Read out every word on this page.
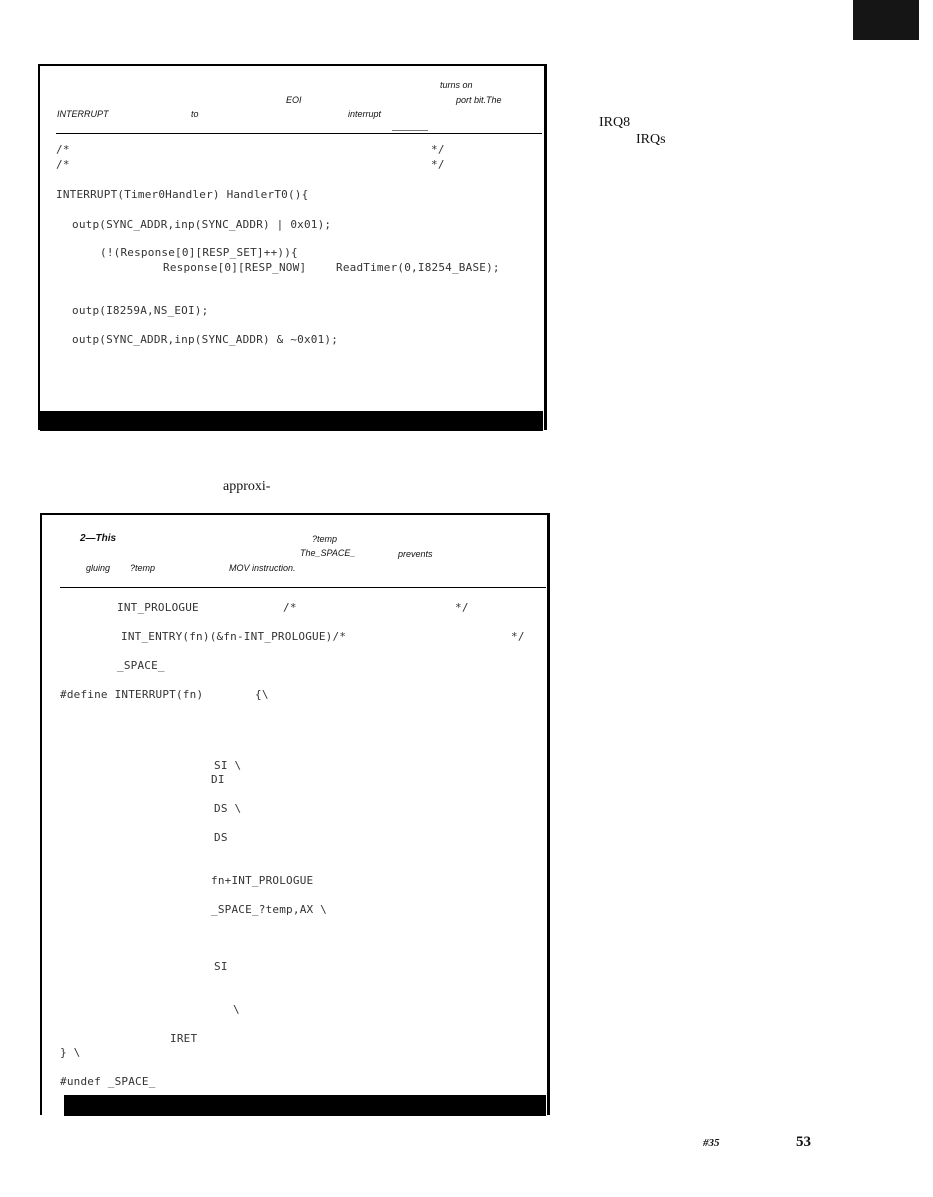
turns on
EOI	port bit.The
INTERRUPT	to	interrupt
/*	*/
/*	*/
INTERRUPT(Timer0Handler) HandlerT0(){
outp(SYNC_ADDR,inp(SYNC_ADDR) | 0x01);
(!(Response[0][RESP_SET]++)){
Response[0][RESP_NOW]	ReadTimer(0,I8254_BASE);
outp(I8259A,NS_EOI);
outp(SYNC_ADDR,inp(SYNC_ADDR) & ~0x01);
approxi-
IRQ8
IRQs
2—This	?temp
The_SPACE_	prevents
gluing ?temp	MOV instruction.
INT_PROLOGUE	/*	*/
INT_ENTRY(fn)(&fn-INT_PROLOGUE)/*	*/
_SPACE_
#define INTERRUPT(fn)	{\
SI \
DI
DS \
DS
fn+INT_PROLOGUE
_SPACE_?temp,AX \
SI
\
IRET
} \
#undef _SPACE_
#35	53
